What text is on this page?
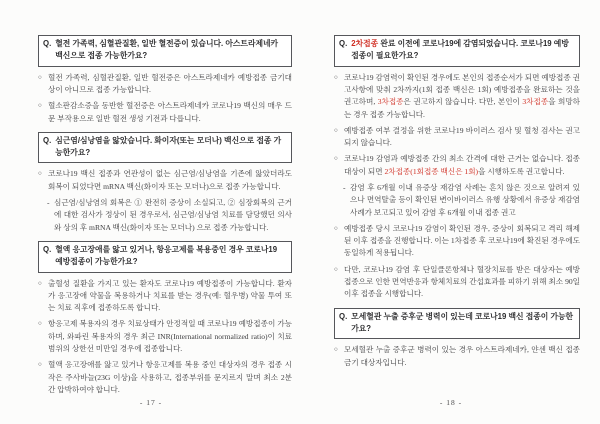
Q. 혈전 가족력, 심혈관질환, 일반 혈전증이 있습니다. 아스트라제네카 백신으로 접종 가능한가요?
○ 혈전 가족력, 심혈관질환, 일반 혈전증은 아스트라제네카 예방접종 금기대상이 아니므로 접종 가능합니다.
○ 혈소판감소증을 동반한 혈전증은 아스트라제네카 코로나19 백신의 매우 드문 부작용으로 일반 혈전 생성 기전과 다릅니다.
Q. 심근염/심낭염을 앓았습니다. 화이자(또는 모더나) 백신으로 접종 가능한가요?
○ 코로나19 백신 접종과 연관성이 없는 심근염/심낭염을 기존에 앓았더라도 회복이 되었다면 mRNA 백신(화이자 또는 모더나)으로 접종 가능합니다.
- 심근염/심낭염의 회복은 ① 완전히 증상이 소실되고, ② 심장회복의 근거에 대한 검사가 정상이 된 경우로서, 심근염/심낭염 치료를 담당했던 의사와 상의 후 mRNA 백신(화이자 또는 모더나) 으로 접종 가능합니다.
Q. 혈액 응고장애를 앓고 있거나, 항응고제를 복용중인 경우 코로나19 예방접종이 가능한가요?
○ 출혈성 질환을 가지고 있는 환자도 코로나19 예방접종이 가능합니다. 환자가 응고장애 약물을 복용하거나 치료를 받는 경우(예: 혈우병) 약물 투여 또는 치료 직후에 접종하도록 합니다.
○ 항응고제 복용자의 경우 치료상태가 안정적일 때 코로나19 예방접종이 가능하며, 와파린 복용자의 경우 최근 INR(International normalized ratio)이 치료범위의 상한선 미만일 경우에 접종합니다.
○ 혈액 응고장애를 앓고 있거나 항응고제를 복용 중인 대상자의 경우 접종 시 작은 주사바늘(23G 이상)을 사용하고, 접종부위를 문지르지 말며 최소 2분간 압박하여야 합니다.
- 17 -
Q. 2차접종 완료 이전에 코로나19에 감염되었습니다. 코로나19 예방접종이 필요한가요?
○ 코로나19 감염력이 확인된 경우에도 본인의 접종순서가 되면 예방접종 권고사항에 맞춰 2차까지(1회 접종 백신은 1회) 예방접종을 완료하는 것을 권고하며, 3차접종은 권고하지 않습니다. 다만, 본인이 3차접종을 희망하는 경우 접종 가능합니다.
○ 예방접종 여부 결정을 위한 코로나19 바이러스 검사 및 혈청 검사는 권고되지 않습니다.
○ 코로나19 감염과 예방접종 간의 최소 간격에 대한 근거는 없습니다. 접종 대상이 되면 2차접종(1회접종 백신은 1회)을 시행하도록 권고합니다.
- 감염 후 6개월 이내 유증상 재감염 사례는 흔치 않은 것으로 알려져 있으나 면역탈출 등이 확인된 변이바이러스 유행 상황에서 유증상 재감염 사례가 보고되고 있어 감염 후 6개월 이내 접종 권고
○ 예방접종 당시 코로나19 감염이 확인된 경우, 증상이 회복되고 격리 해제된 이후 접종을 진행합니다. 이는 1차접종 후 코로나19에 확진된 경우에도 동일하게 적용됩니다.
○ 다만, 코로나19 감염 후 단일클론항체나 혈장치료를 받은 대상자는 예방접종으로 인한 면역반응과 항체치료의 간섭효과를 피하기 위해 최소 90일 이후 접종을 시행합니다.
Q. 모세혈관 누출 증후군 병력이 있는데 코로나19 백신 접종이 가능한가요?
○ 모세혈관 누출 증후군 병력이 있는 경우 아스트라제네카, 얀센 백신 접종 금기 대상자입니다.
- 18 -
